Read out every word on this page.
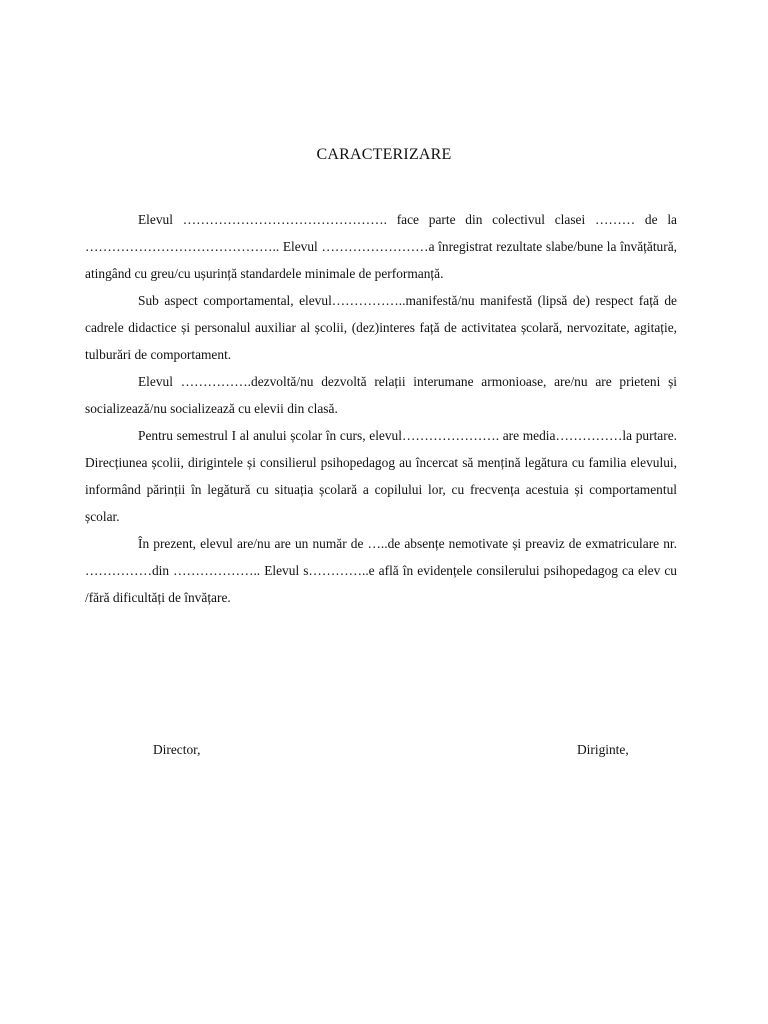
CARACTERIZARE

Elevul ………………………………………. face parte din colectivul clasei ……… de la …………………………………….. Elevul ……………………a înregistrat rezultate slabe/bune la învățătură, atingând cu greu/cu ușurință standardele minimale de performanță.

Sub aspect comportamental, elevul……………..manifestă/nu manifestă (lipsă de) respect față de cadrele didactice și personalul auxiliar al școlii, (dez)interes față de activitatea școlară, nervozitate, agitație, tulburări de comportament.

Elevul …………….dezvoltă/nu dezvoltă relații interumane armonioase, are/nu are prieteni și socializează/nu socializează cu elevii din clasă.

Pentru semestrul I al anului școlar în curs, elevul…………………. are media……………la purtare. Direcțiunea școlii, dirigintele și consilierul psihopedagog au încercat să mențină legătura cu familia elevului, informând părinții în legătură cu situația școlară a copilului lor, cu frecvența acestuia și comportamentul școlar.

În prezent, elevul are/nu are un număr de …..de absențe nemotivate și preaviz de exmatriculare nr. ……………din ……………….. Elevul s…………..e află în evidențele consilerului psihopedagog ca elev cu /fără dificultăți de învățare.

Director,	Diriginte,
